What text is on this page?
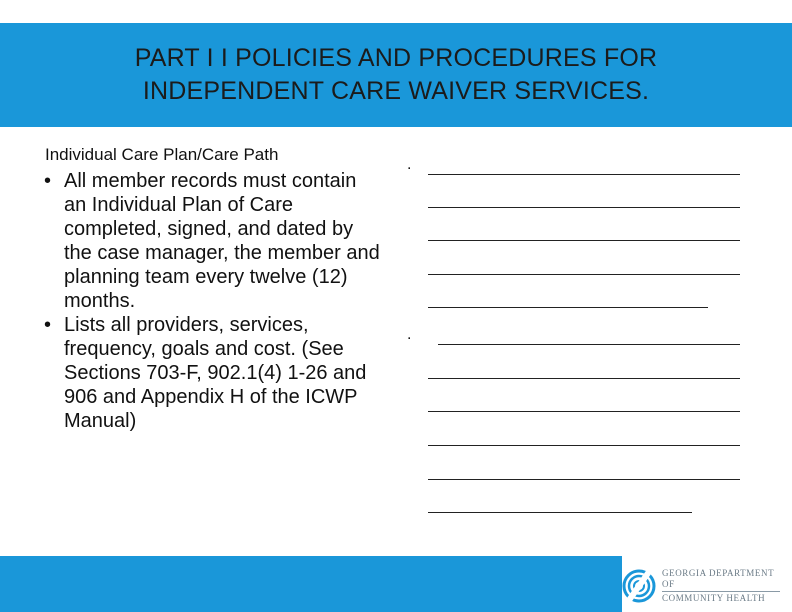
PART I I POLICIES AND PROCEDURES FOR INDEPENDENT CARE WAIVER SERVICES.
Individual Care Plan/Care Path
• All member records must contain an Individual Plan of Care completed, signed, and dated by the case manager, the member and planning team every twelve (12) months.
• Lists all providers, services, frequency, goals and cost. (See Sections 703-F, 902.1(4) 1-26 and 906 and Appendix H of the ICWP Manual)
.
.
GEORGIA DEPARTMENT OF
COMMUNITY HEALTH
